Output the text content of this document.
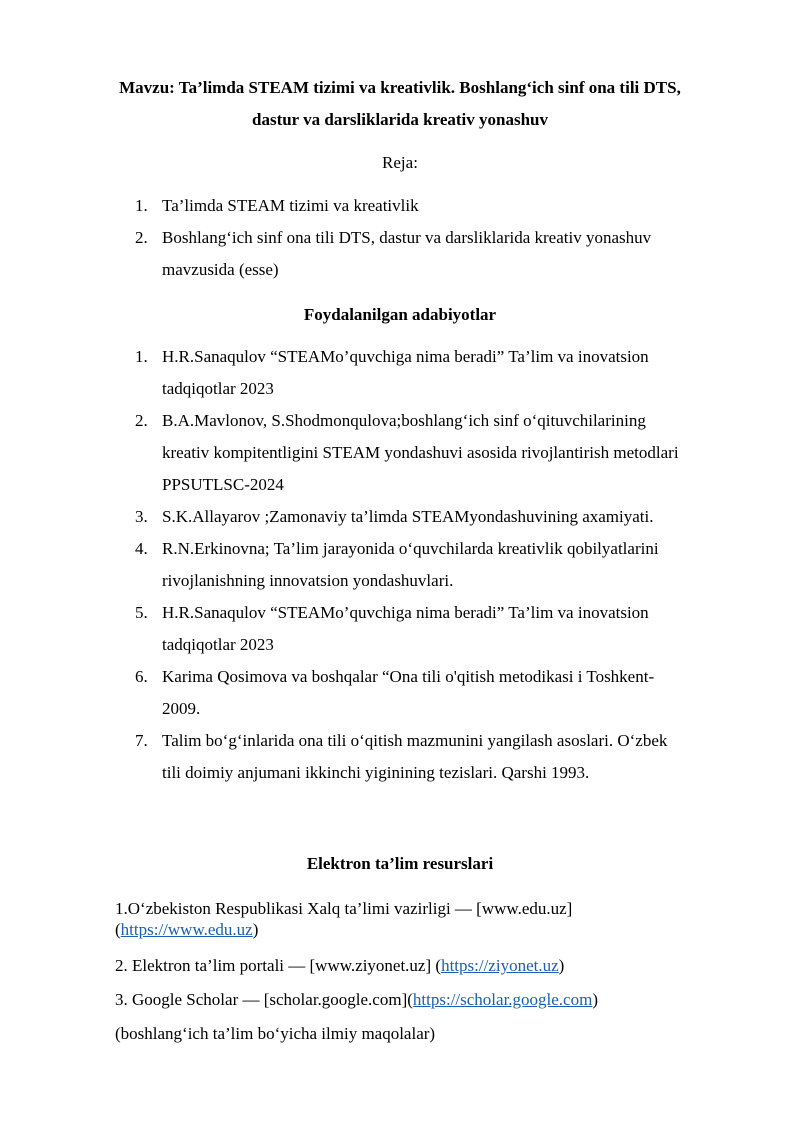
Mavzu: Ta’limda STEAM tizimi va kreativlik. Boshlang‘ich sinf ona tili DTS,
dastur va darsliklarida kreativ yonashuv
Reja:
1. Ta’limda STEAM tizimi va kreativlik
2. Boshlang‘ich sinf ona tili DTS, dastur va darsliklarida kreativ yonashuv
mavzusida (esse)
Foydalanilgan adabiyotlar
1. H.R.Sanaqulov “STEAMo’quvchiga nima beradi” Ta’lim va inovatsion
tadqiqotlar 2023
2. B.A.Mavlonov, S.Shodmonqulova;boshlang‘ich sinf o‘qituvchilarining
kreativ kompitentligini STEAM yondashuvi asosida rivojlantirish metodlari
PPSUTLSC-2024
3. S.K.Allayarov ;Zamonaviy ta’limda STEAMyondashuvining axamiyati.
4. R.N.Erkinovna; Ta’lim jarayonida o‘quvchilarda kreativlik qobilyatlarini
rivojlanishning innovatsion yondashuvlari.
5. H.R.Sanaqulov “STEAMo’quvchiga nima beradi” Ta’lim va inovatsion
tadqiqotlar 2023
6. Karima Qosimova va boshqalar “Ona tili o'qitish metodikasi i Toshkent-
2009.
7. Talim bo‘g‘inlarida ona tili o‘qitish mazmunini yangilash asoslari. O‘zbek
tili doimiy anjumani ikkinchi yiginining tezislari. Qarshi 1993.
Elektron ta’lim resurslari
1.O‘zbekiston Respublikasi Xalq ta’limi vazirligi — [www.edu.uz]
(https://www.edu.uz)
2. Elektron ta’lim portali — [www.ziyonet.uz] (https://ziyonet.uz)
3. Google Scholar — [scholar.google.com](https://scholar.google.com)
(boshlang‘ich ta’lim bo‘yicha ilmiy maqolalar)
